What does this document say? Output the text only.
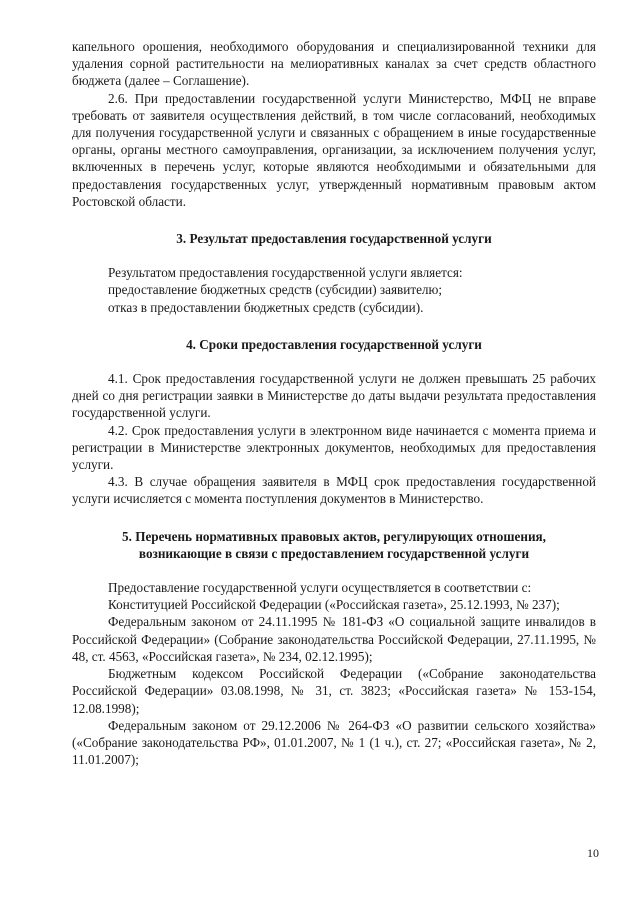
капельного орошения, необходимого оборудования и специализированной техники для удаления сорной растительности на мелиоративных каналах за счет средств областного бюджета (далее – Соглашение).

2.6. При предоставлении государственной услуги Министерство, МФЦ не вправе требовать от заявителя осуществления действий, в том числе согласований, необходимых для получения государственной услуги и связанных с обращением в иные государственные органы, органы местного самоуправления, организации, за исключением получения услуг, включенных в перечень услуг, которые являются необходимыми и обязательными для предоставления государственных услуг, утвержденный нормативным правовым актом Ростовской области.

3. Результат предоставления государственной услуги

Результатом предоставления государственной услуги является:

предоставление бюджетных средств (субсидии) заявителю;

отказ в предоставлении бюджетных средств (субсидии).

4. Сроки предоставления государственной услуги

4.1. Срок предоставления государственной услуги не должен превышать 25 рабочих дней со дня регистрации заявки в Министерстве до даты выдачи результата предоставления государственной услуги.

4.2. Срок предоставления услуги в электронном виде начинается с момента приема и регистрации в Министерстве электронных документов, необходимых для предоставления услуги.

4.3. В случае обращения заявителя в МФЦ срок предоставления государственной услуги исчисляется с момента поступления документов в Министерство.

5. Перечень нормативных правовых актов, регулирующих отношения,
возникающие в связи с предоставлением государственной услуги

Предоставление государственной услуги осуществляется в соответствии с:

Конституцией Российской Федерации («Российская газета», 25.12.1993, № 237);

Федеральным законом от 24.11.1995 № 181-ФЗ «О социальной защите инвалидов в Российской Федерации» (Собрание законодательства Российской Федерации, 27.11.1995, № 48, ст. 4563, «Российская газета», № 234, 02.12.1995);

Бюджетным кодексом Российской Федерации («Собрание законодательства Российской Федерации» 03.08.1998, № 31, ст. 3823; «Российская газета» № 153-154, 12.08.1998);

Федеральным законом от 29.12.2006 № 264-ФЗ «О развитии сельского хозяйства» («Собрание законодательства РФ», 01.01.2007, № 1 (1 ч.), ст. 27; «Российская газета», № 2, 11.01.2007);

10
